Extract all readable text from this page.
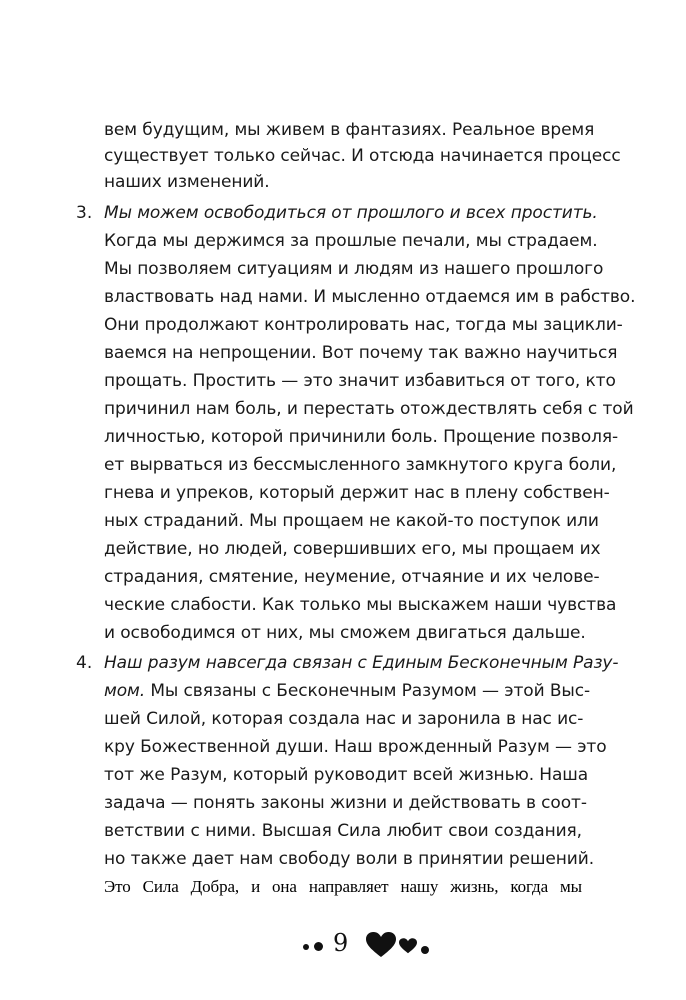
вем будущим, мы живем в фантазиях. Реальное время
существует только сейчас. И отсюда начинается процесс
наших изменений.
3. Мы можем освободиться от прошлого и всех простить.
Когда мы держимся за прошлые печали, мы страдаем.
Мы позволяем ситуациям и людям из нашего прошлого
властвовать над нами. И мысленно отдаемся им в рабство.
Они продолжают контролировать нас, тогда мы зацикли-
ваемся на непрощении. Вот почему так важно научиться
прощать. Простить — это значит избавиться от того, кто
причинил нам боль, и перестать отождествлять себя с той
личностью, которой причинили боль. Прощение позволя-
ет вырваться из бессмысленного замкнутого круга боли,
гнева и упреков, который держит нас в плену собствен-
ных страданий. Мы прощаем не какой-то поступок или
действие, но людей, совершивших его, мы прощаем их
страдания, смятение, неумение, отчаяние и их челове-
ческие слабости. Как только мы выскажем наши чувства
и освободимся от них, мы сможем двигаться дальше.
4. Наш разум навсегда связан с Единым Бесконечным Разу-
мом. Мы связаны с Бесконечным Разумом — этой Выс-
шей Силой, которая создала нас и заронила в нас ис-
кру Божественной души. Наш врожденный Разум — это
тот же Разум, который руководит всей жизнью. Наша
задача — понять законы жизни и действовать в соот-
ветствии с ними. Высшая Сила любит свои создания,
но также дает нам свободу воли в принятии решений.
Это Сила Добра, и она направляет нашу жизнь, когда мы
9
